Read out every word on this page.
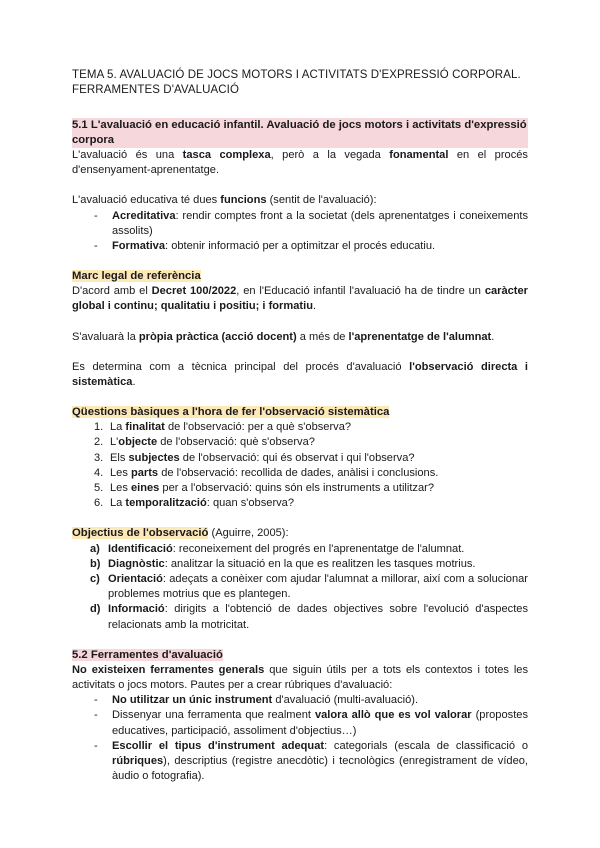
TEMA 5. AVALUACIÓ DE JOCS MOTORS I ACTIVITATS D'EXPRESSIÓ CORPORAL.
FERRAMENTES D'AVALUACIÓ
5.1 L'avaluació en educació infantil. Avaluació de jocs motors i activitats d'expressió corpora

L'avaluació és una tasca complexa, però a la vegada fonamental en el procés d'ensenyament-aprenentatge.

L'avaluació educativa té dues funcions (sentit de l'avaluació):

- Acreditativa: rendir comptes front a la societat (dels aprenentatges i coneixements assolits)
- Formativa: obtenir informació per a optimitzar el procés educatiu.
Marc legal de referència

D'acord amb el Decret 100/2022, en l'Educació infantil l'avaluació ha de tindre un caràcter global i continu; qualitatiu i positiu; i formatiu.

S'avaluarà la pròpia pràctica (acció docent) a més de l'aprenentatge de l'alumnat.

Es determina com a tècnica principal del procés d'avaluació l'observació directa i sistemàtica.

Qüestions bàsiques a l'hora de fer l'observació sistemàtica
1. La finalitat de l'observació: per a què s'observa?
2. L'objecte de l'observació: què s'observa?
3. Els subjectes de l'observació: qui és observat i qui l'observa?
4. Les parts de l'observació: recollida de dades, anàlisi i conclusions.
5. Les eines per a l'observació: quins són els instruments a utilitzar?
6. La temporalització: quan s'observa?
Objectius de l'observació (Aguirre, 2005):
a) Identificació: reconeixement del progrés en l'aprenentatge de l'alumnat.
b) Diagnòstic: analitzar la situació en la que es realitzen les tasques motrius.
c) Orientació: adeçats a conèixer com ajudar l'alumnat a millorar, així com a solucionar problemes motrius que es plantegen.
d) Informació: dirigits a l'obtenció de dades objectives sobre l'evolució d'aspectes relacionats amb la motricitat.
5.2 Ferramentes d'avaluació

No existeixen ferramentes generals que siguin útils per a tots els contextos i totes les activitats o jocs motors. Pautes per a crear rúbriques d'avaluació:

- No utilitzar un únic instrument d'avaluació (multi-avaluació).
- Dissenyar una ferramenta que realment valora allò que es vol valorar (propostes educatives, participació, assoliment d'objectius…)
- Escollir el tipus d'instrument adequat: categorials (escala de classificació o rúbriques), descriptius (registre anecdòtic) i tecnològics (enregistrament de vídeo, àudio o fotografia).
